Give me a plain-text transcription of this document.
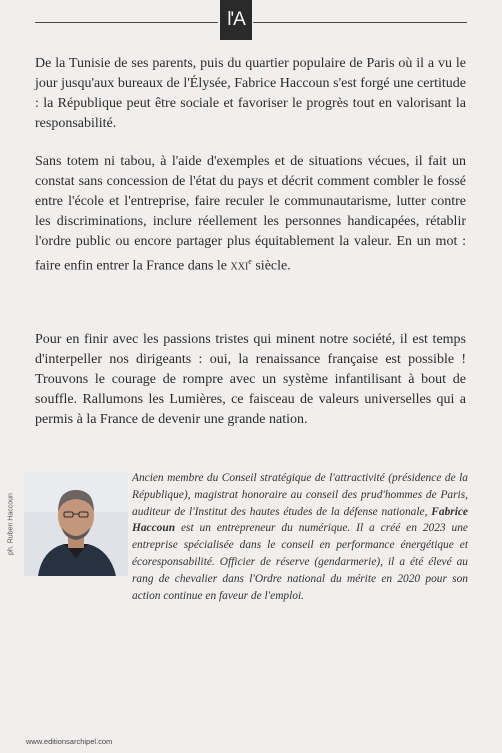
l'A

De la Tunisie de ses parents, puis du quartier populaire de Paris où il a vu le jour jusqu'aux bureaux de l'Élysée, Fabrice Haccoun s'est forgé une certitude : la République peut être sociale et favoriser le progrès tout en valorisant la responsabilité.

Sans totem ni tabou, à l'aide d'exemples et de situations vécues, il fait un constat sans concession de l'état du pays et décrit comment combler le fossé entre l'école et l'entreprise, faire reculer le communautarisme, lutter contre les discriminations, inclure réellement les personnes handicapées, rétablir l'ordre public ou encore partager plus équitablement la valeur. En un mot : faire enfin entrer la France dans le xxi$^e$ siècle.

Pour en finir avec les passions tristes qui minent notre société, il est temps d'interpeller nos dirigeants : oui, la renaissance française est possible ! Trouvons le courage de rompre avec un système infantilisant à bout de souffle. Rallumons les Lumières, ce faisceau de valeurs universelles qui a permis à la France de devenir une grande nation.

ph. Ruben Haccoun

Ancien membre du Conseil stratégique de l'attractivité (présidence de la République), magistrat honoraire au conseil des prud'hommes de Paris, auditeur de l'Institut des hautes études de la défense nationale, Fabrice Haccoun est un entrepreneur du numérique. Il a créé en 2023 une entreprise spécialisée dans le conseil en performance énergétique et écoresponsabilité. Officier de réserve (gendarmerie), il a été élevé au rang de chevalier dans l'Ordre national du mérite en 2020 pour son action continue en faveur de l'emploi.

www.editionsarchipel.com
